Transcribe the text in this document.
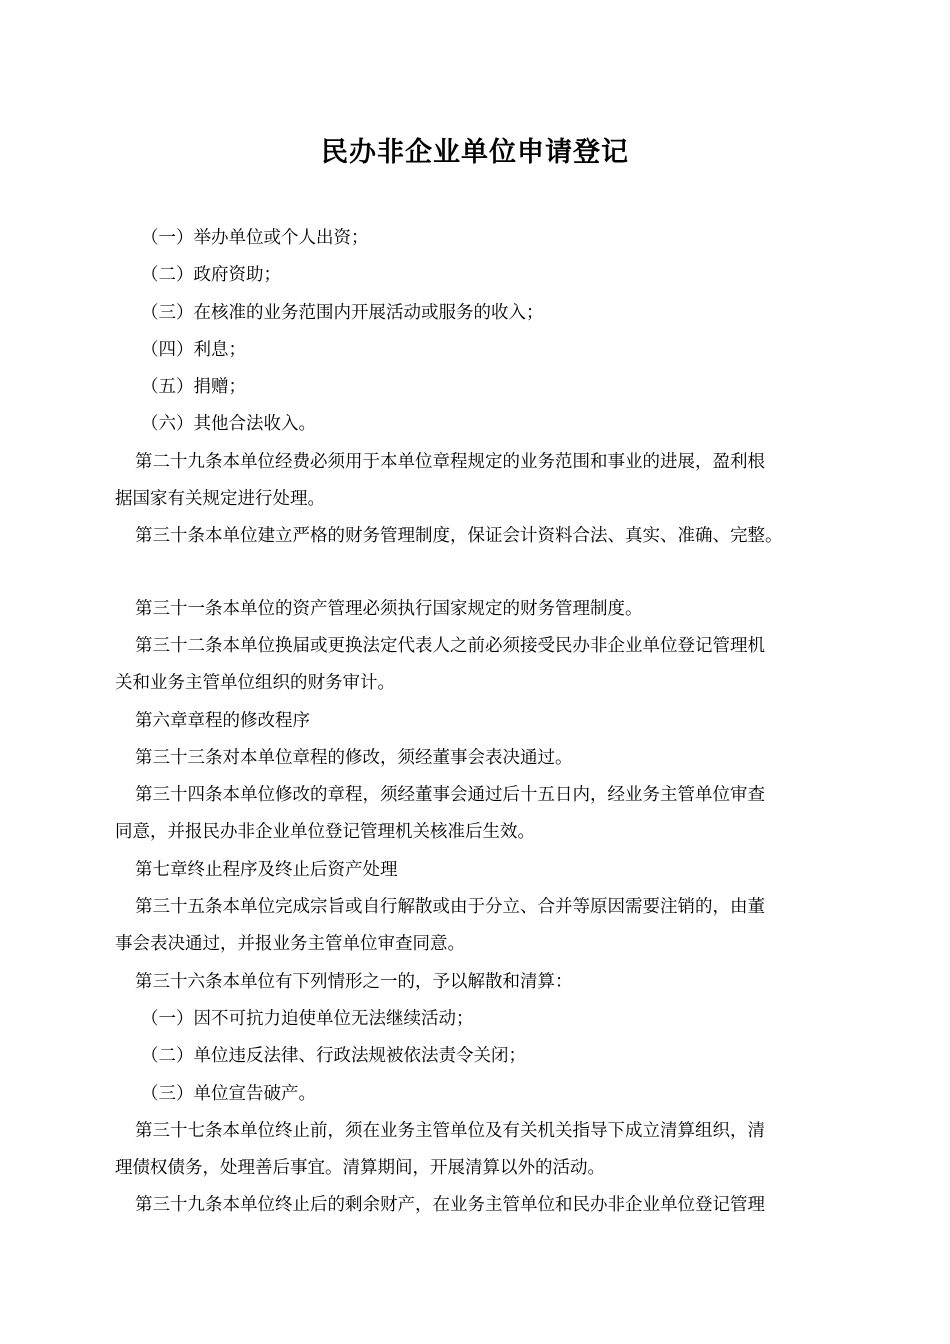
民办非企业单位申请登记

（一）举办单位或个人出资；

（二）政府资助；

（三）在核准的业务范围内开展活动或服务的收入；

（四）利息；

（五）捐赠；

（六）其他合法收入。

第二十九条本单位经费必须用于本单位章程规定的业务范围和事业的进展，盈利根

据国家有关规定进行处理。

第三十条本单位建立严格的财务管理制度，保证会计资料合法、真实、准确、完整。

第三十一条本单位的资产管理必须执行国家规定的财务管理制度。

第三十二条本单位换届或更换法定代表人之前必须接受民办非企业单位登记管理机

关和业务主管单位组织的财务审计。

第六章章程的修改程序

第三十三条对本单位章程的修改，须经董事会表决通过。

第三十四条本单位修改的章程，须经董事会通过后十五日内，经业务主管单位审查

同意，并报民办非企业单位登记管理机关核准后生效。

第七章终止程序及终止后资产处理

第三十五条本单位完成宗旨或自行解散或由于分立、合并等原因需要注销的，由董

事会表决通过，并报业务主管单位审查同意。

第三十六条本单位有下列情形之一的，予以解散和清算：

（一）因不可抗力迫使单位无法继续活动；

（二）单位违反法律、行政法规被依法责令关闭；

（三）单位宣告破产。

第三十七条本单位终止前，须在业务主管单位及有关机关指导下成立清算组织，清

理债权债务，处理善后事宜。清算期间，开展清算以外的活动。

第三十九条本单位终止后的剩余财产，在业务主管单位和民办非企业单位登记管理
